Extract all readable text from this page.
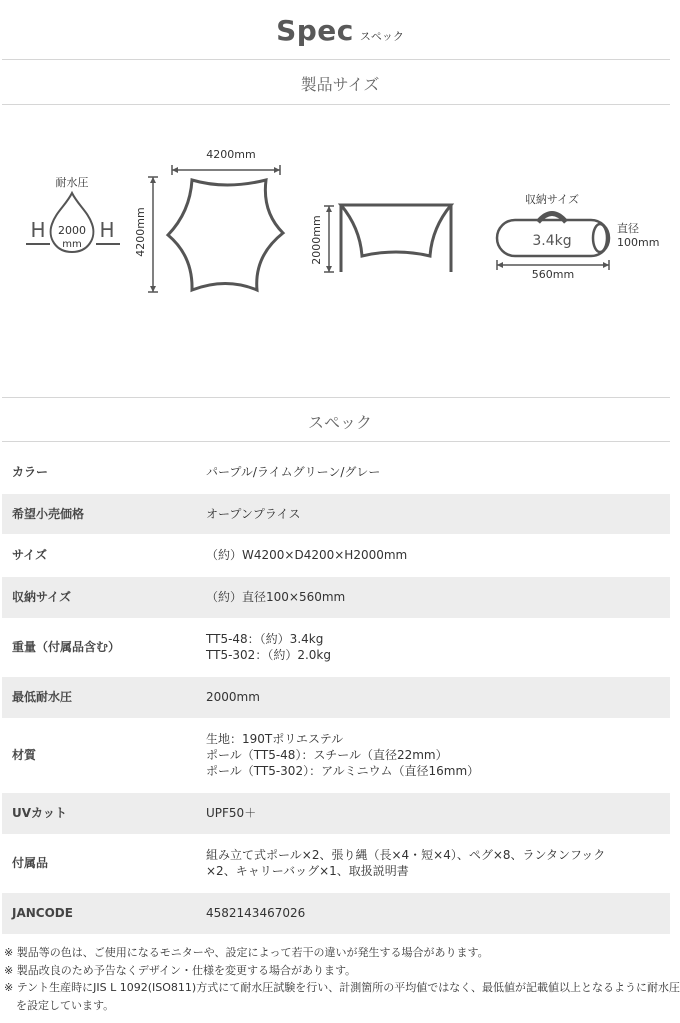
Spec スペック
製品サイズ
耐水圧
H	H
2000
mm
4200mm
4200mm	2000mm
収納サイズ
3.4kg
560mm
直径
100mm
スペック
カラー	パープル/ライムグリーン/グレー

希望小売価格	オープンプライス

サイズ	（約）W4200×D4200×H2000mm

収納サイズ	（約）直径100×560mm

重量（付属品含む）	TT5-48：（約）3.4kg
TT5-302：（約）2.0kg

最低耐水圧	2000mm

材質	生地：190Tポリエステル
ポール（TT5-48）：スチール（直径22mm）
ポール（TT5-302）：アルミニウム（直径16mm）

UVカット	UPF50＋

付属品	組み立て式ポール×2、張り縄（長×4・短×4）、ペグ×8、ランタンフック
×2、キャリーバッグ×1、取扱説明書

JANCODE	4582143467026
※ 製品等の色は、ご使用になるモニターや、設定によって若干の違いが発生する場合があります。
※ 製品改良のため予告なくデザイン・仕様を変更する場合があります。
※ テント生産時にJIS L 1092(ISO811)方式にて耐水圧試験を行い、計測箇所の平均値ではなく、最低値が記載値以上となるように耐水圧
を設定しています。
